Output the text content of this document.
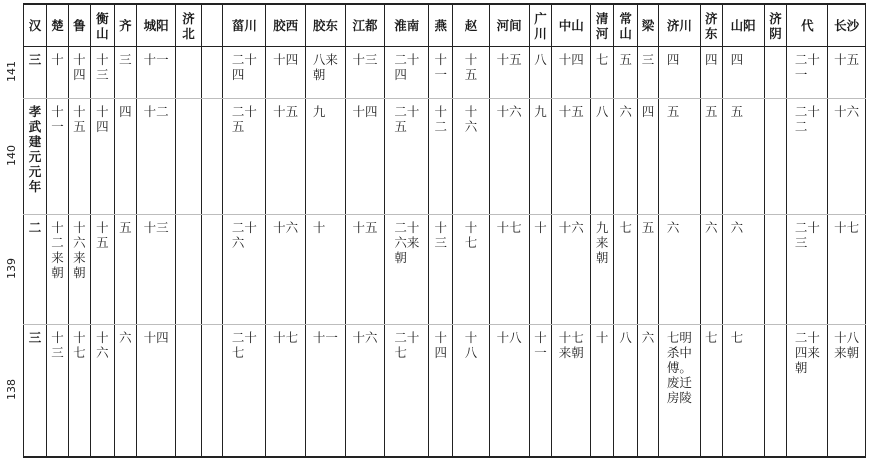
141
140
139
138
汉	楚	鲁	衡山	齐	城阳	济北		菑川	胶西	胶东	江都	淮南	燕	赵	河间	广川	中山	清河	常山	梁	济川	济东	山阳	济阴	代	长沙

三	十	十四	十三	三	十一			二十四	十四	八来朝	十三	二十四	十一	十五	十五	八	十四	七	五	三	四	四	四		二十一	十五

孝武建元元年	十一	十五	十四	四	十二			二十五	十五	九	十四	二十五	十二	十六	十六	九	十五	八	六	四	五	五	五		二十二	十六

二	十二来朝	十六来朝	十五	五	十三			二十六	十六	十	十五	二十六来朝	十三	十七	十七	十	十六	九来朝	七	五	六	六	六		二十三	十七

三	十三	十七	十六	六	十四			二十七	十七	十一	十六	二十七	十四	十八	十八	十一	十七来朝	十	八	六	七明杀中傅。废迁房陵	七	七		二十四来朝	十八来朝
